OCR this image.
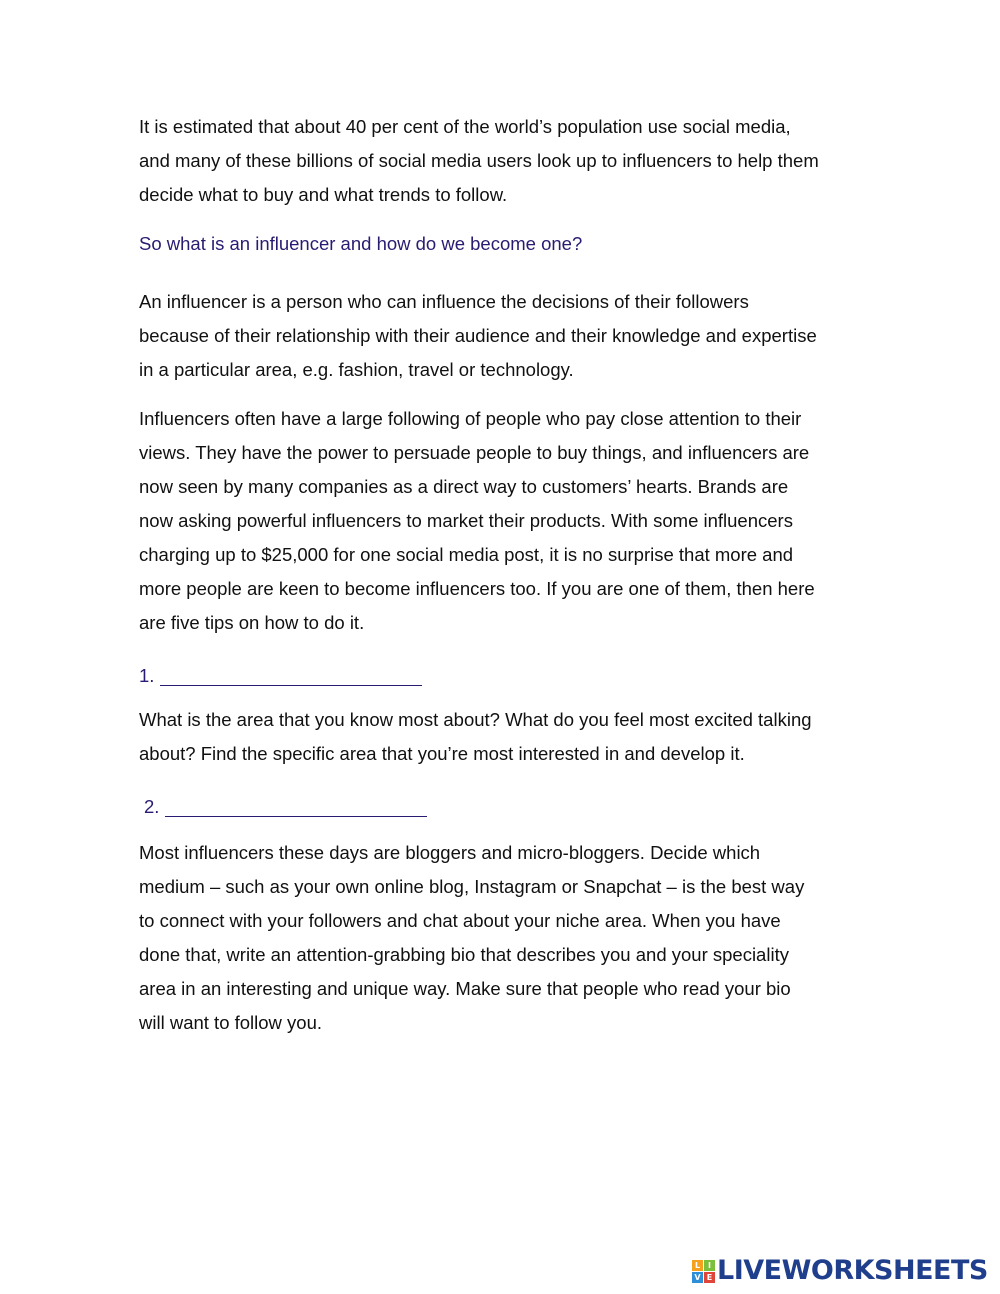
It is estimated that about 40 per cent of the world’s population use social media,
and many of these billions of social media users look up to influencers to help them
decide what to buy and what trends to follow.

So what is an influencer and how do we become one?

An influencer is a person who can influence the decisions of their followers
because of their relationship with their audience and their knowledge and expertise
in a particular area, e.g. fashion, travel or technology.

Influencers often have a large following of people who pay close attention to their
views. They have the power to persuade people to buy things, and influencers are
now seen by many companies as a direct way to customers’ hearts. Brands are
now asking powerful influencers to market their products. With some influencers
charging up to $25,000 for one social media post, it is no surprise that more and
more people are keen to become influencers too. If you are one of them, then here
are five tips on how to do it.

1.

What is the area that you know most about? What do you feel most excited talking
about? Find the specific area that you’re most interested in and develop it.

2.

Most influencers these days are bloggers and micro-bloggers. Decide which
medium – such as your own online blog, Instagram or Snapchat – is the best way
to connect with your followers and chat about your niche area. When you have
done that, write an attention-grabbing bio that describes you and your speciality
area in an interesting and unique way. Make sure that people who read your bio
will want to follow you.

L I
V E LIVEWORKSHEETS
